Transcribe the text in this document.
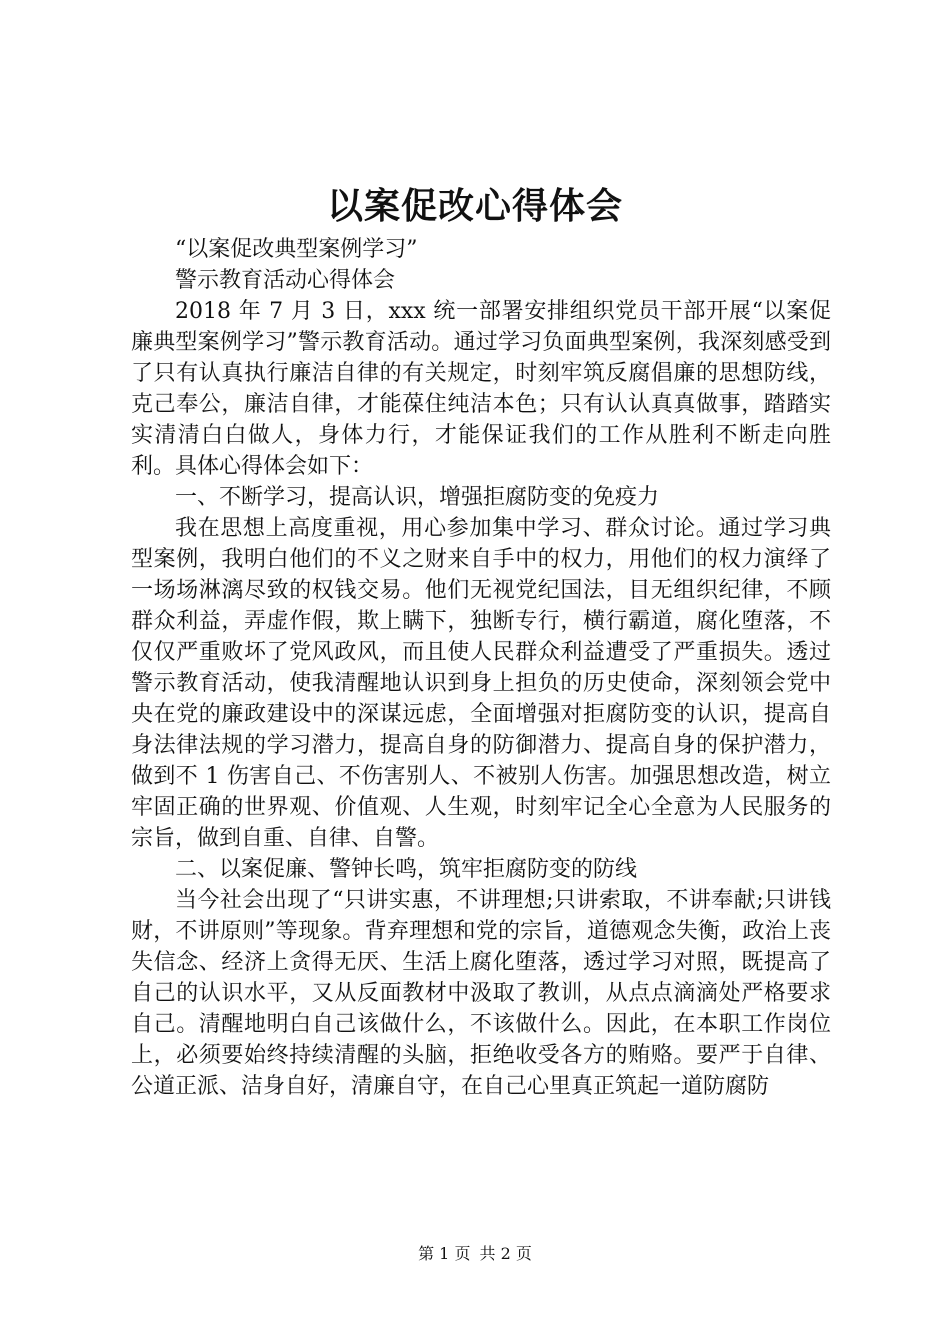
以案促改心得体会

“以案促改典型案例学习”

警示教育活动心得体会

2018 年 7 月 3 日，xxx 统一部署安排组织党员干部开展“以案促廉典型案例学习”警示教育活动。通过学习负面典型案例，我深刻感受到了只有认真执行廉洁自律的有关规定，时刻牢筑反腐倡廉的思想防线，克己奉公，廉洁自律，才能葆住纯洁本色；只有认认真真做事，踏踏实实清清白白做人，身体力行，才能保证我们的工作从胜利不断走向胜利。具体心得体会如下：

一、不断学习，提高认识，增强拒腐防变的免疫力

我在思想上高度重视，用心参加集中学习、群众讨论。通过学习典型案例，我明白他们的不义之财来自手中的权力，用他们的权力演绎了一场场淋漓尽致的权钱交易。他们无视党纪国法，目无组织纪律，不顾群众利益，弄虚作假，欺上瞒下，独断专行，横行霸道，腐化堕落，不仅仅严重败坏了党风政风，而且使人民群众利益遭受了严重损失。透过警示教育活动，使我清醒地认识到身上担负的历史使命，深刻领会党中央在党的廉政建设中的深谋远虑，全面增强对拒腐防变的认识，提高自身法律法规的学习潜力，提高自身的防御潜力、提高自身的保护潜力，做到不 1 伤害自己、不伤害别人、不被别人伤害。加强思想改造，树立牢固正确的世界观、价值观、人生观，时刻牢记全心全意为人民服务的宗旨，做到自重、自律、自警。

二、以案促廉、警钟长鸣，筑牢拒腐防变的防线

当今社会出现了“只讲实惠，不讲理想;只讲索取，不讲奉献;只讲钱财，不讲原则”等现象。背弃理想和党的宗旨，道德观念失衡，政治上丧失信念、经济上贪得无厌、生活上腐化堕落，透过学习对照，既提高了自己的认识水平，又从反面教材中汲取了教训，从点点滴滴处严格要求自己。清醒地明白自己该做什么，不该做什么。因此，在本职工作岗位上，必须要始终持续清醒的头脑，拒绝收受各方的贿赂。要严于自律、公道正派、洁身自好，清廉自守，在自己心里真正筑起一道防腐防

第 1 页 共 2 页
